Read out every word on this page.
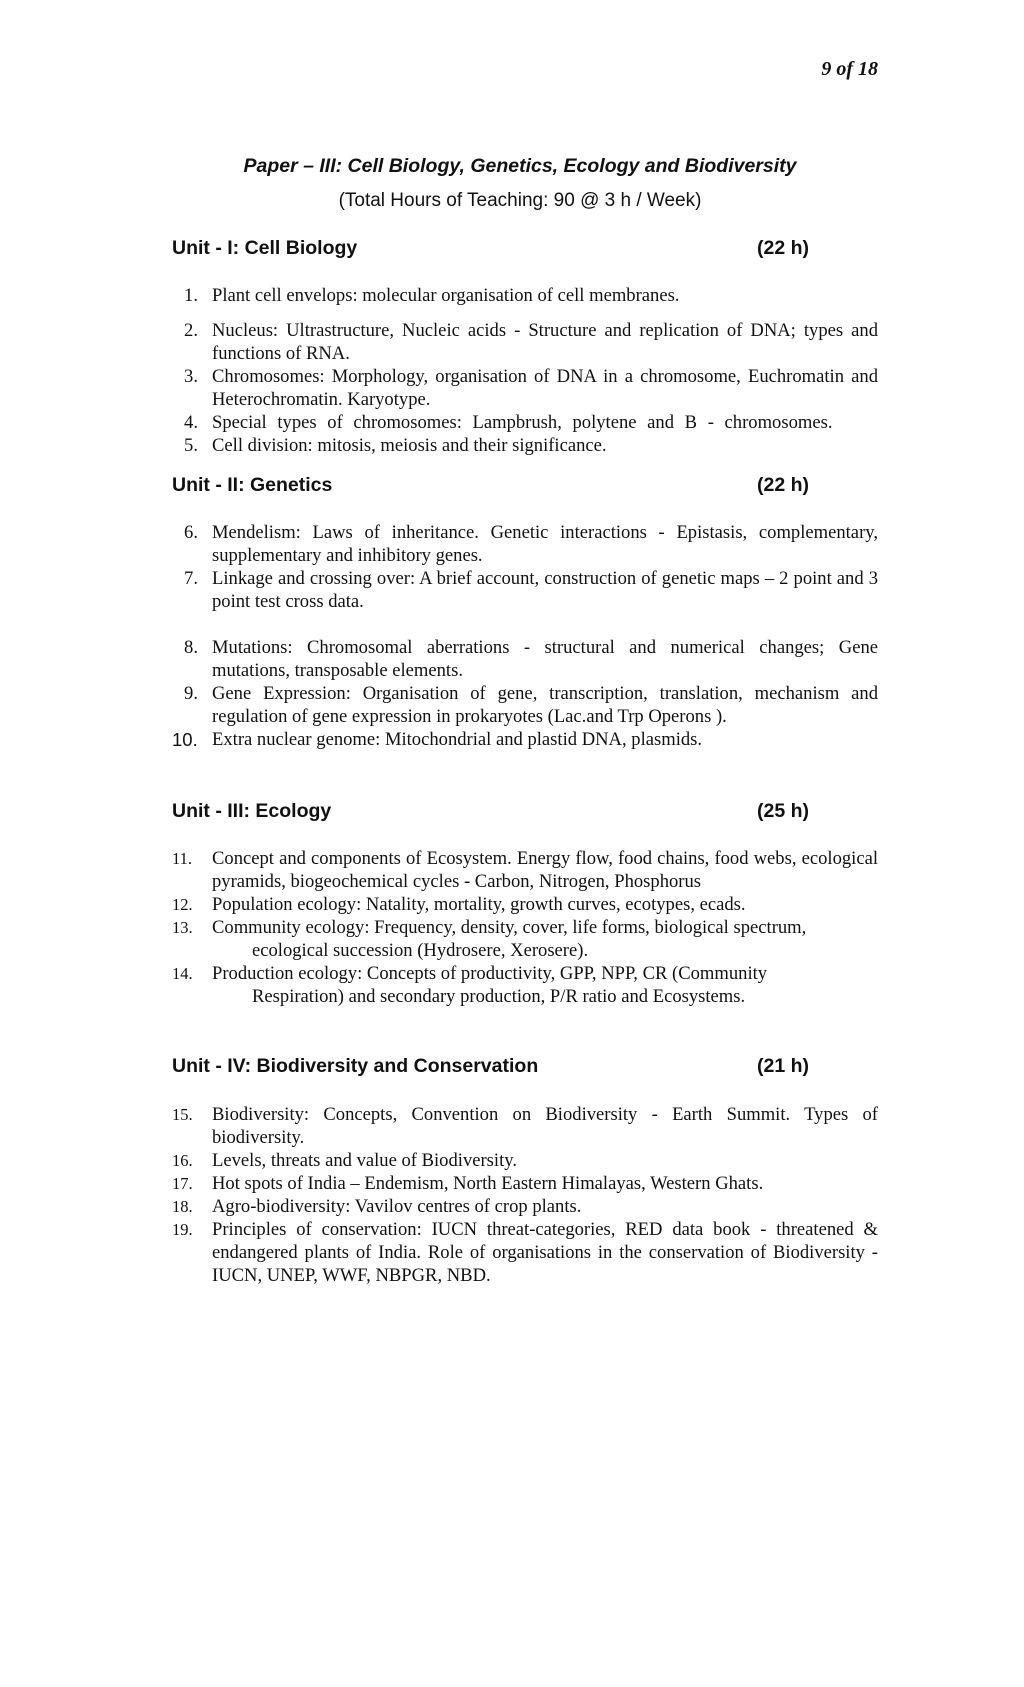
9 of 18
Paper – III: Cell Biology, Genetics, Ecology and Biodiversity
(Total Hours of Teaching: 90 @ 3 h / Week)
Unit - I: Cell Biology	(22 h)
1. Plant cell envelops: molecular organisation of cell membranes.
2. Nucleus: Ultrastructure, Nucleic acids - Structure and replication of DNA; types and functions of RNA.
3. Chromosomes: Morphology, organisation of DNA in a chromosome, Euchromatin and Heterochromatin. Karyotype.
4. Special types of chromosomes: Lampbrush, polytene and B - chromosomes.
5. Cell division: mitosis, meiosis and their significance.
Unit - II: Genetics	(22 h)
6. Mendelism: Laws of inheritance. Genetic interactions - Epistasis, complementary, supplementary and inhibitory genes.
7. Linkage and crossing over: A brief account, construction of genetic maps – 2 point and 3 point test cross data.
8. Mutations: Chromosomal aberrations - structural and numerical changes; Gene mutations, transposable elements.
9. Gene Expression: Organisation of gene, transcription, translation, mechanism and regulation of gene expression in prokaryotes (Lac.and Trp Operons ).
10. Extra nuclear genome: Mitochondrial and plastid DNA, plasmids.
Unit - III: Ecology	(25 h)
11.	Concept and components of Ecosystem. Energy flow, food chains, food webs, ecological pyramids, biogeochemical cycles - Carbon, Nitrogen, Phosphorus
12.	Population ecology: Natality, mortality, growth curves, ecotypes, ecads.
13.	Community ecology: Frequency, density, cover, life forms, biological spectrum,
ecological succession (Hydrosere, Xerosere).
14.	Production ecology: Concepts of productivity, GPP, NPP, CR (Community
Respiration) and secondary production, P/R ratio and Ecosystems.
Unit - IV: Biodiversity and Conservation	(21 h)
15.	Biodiversity: Concepts, Convention on Biodiversity - Earth Summit. Types of biodiversity.
16.	Levels, threats and value of Biodiversity.
17.	Hot spots of India – Endemism, North Eastern Himalayas, Western Ghats.
18.	Agro-biodiversity: Vavilov centres of crop plants.
19.	Principles of conservation: IUCN threat-categories, RED data book - threatened & endangered plants of India. Role of organisations in the conservation of Biodiversity - IUCN, UNEP, WWF, NBPGR, NBD.
